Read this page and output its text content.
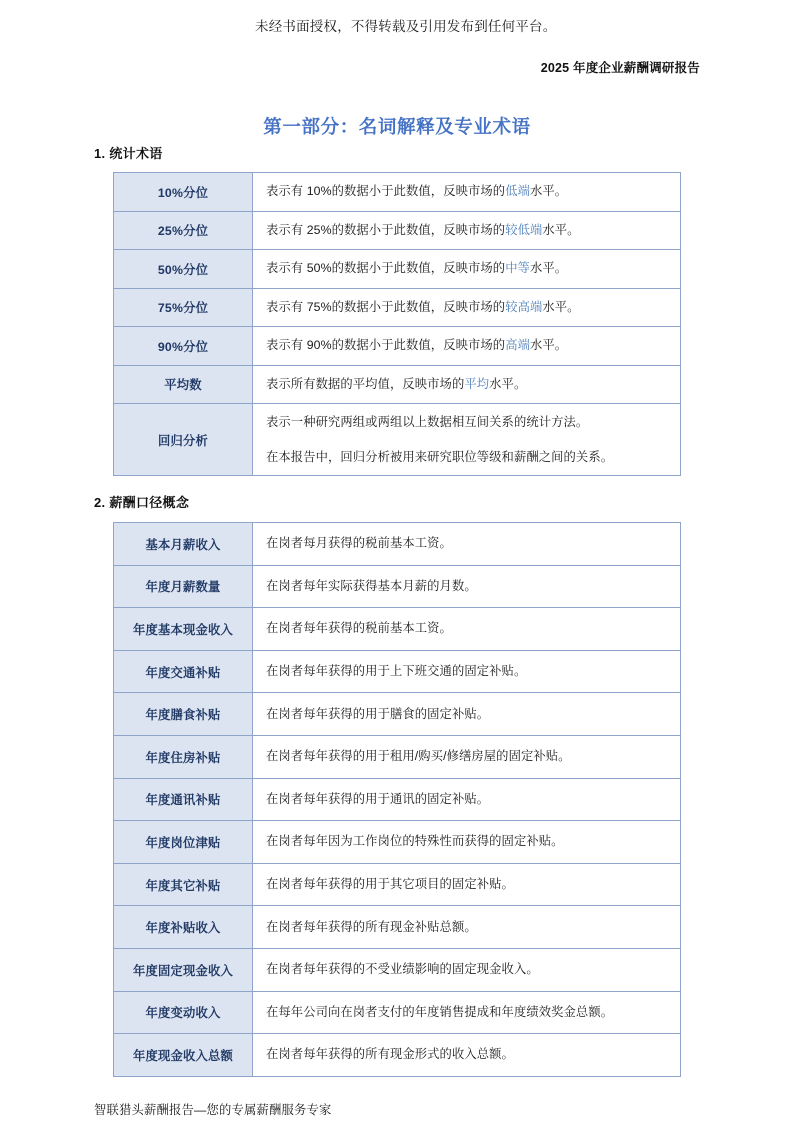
未经书面授权，不得转载及引用发布到任何平台。
2025 年度企业薪酬调研报告
第一部分：名词解释及专业术语
1. 统计术语
10%分位	表示有 10%的数据小于此数值，反映市场的低端水平。
25%分位	表示有 25%的数据小于此数值，反映市场的较低端水平。
50%分位	表示有 50%的数据小于此数值，反映市场的中等水平。
75%分位	表示有 75%的数据小于此数值，反映市场的较高端水平。
90%分位	表示有 90%的数据小于此数值，反映市场的高端水平。
平均数	表示所有数据的平均值，反映市场的平均水平。
回归分析	表示一种研究两组或两组以上数据相互间关系的统计方法。

在本报告中，回归分析被用来研究职位等级和薪酬之间的关系。

2. 薪酬口径概念
基本月薪收入	在岗者每月获得的税前基本工资。
年度月薪数量	在岗者每年实际获得基本月薪的月数。
年度基本现金收入	在岗者每年获得的税前基本工资。
年度交通补贴	在岗者每年获得的用于上下班交通的固定补贴。
年度膳食补贴	在岗者每年获得的用于膳食的固定补贴。
年度住房补贴	在岗者每年获得的用于租用/购买/修缮房屋的固定补贴。
年度通讯补贴	在岗者每年获得的用于通讯的固定补贴。
年度岗位津贴	在岗者每年因为工作岗位的特殊性而获得的固定补贴。
年度其它补贴	在岗者每年获得的用于其它项目的固定补贴。
年度补贴收入	在岗者每年获得的所有现金补贴总额。
年度固定现金收入	在岗者每年获得的不受业绩影响的固定现金收入。
年度变动收入	在每年公司向在岗者支付的年度销售提成和年度绩效奖金总额。
年度现金收入总额	在岗者每年获得的所有现金形式的收入总额。
智联猎头薪酬报告—您的专属薪酬服务专家
